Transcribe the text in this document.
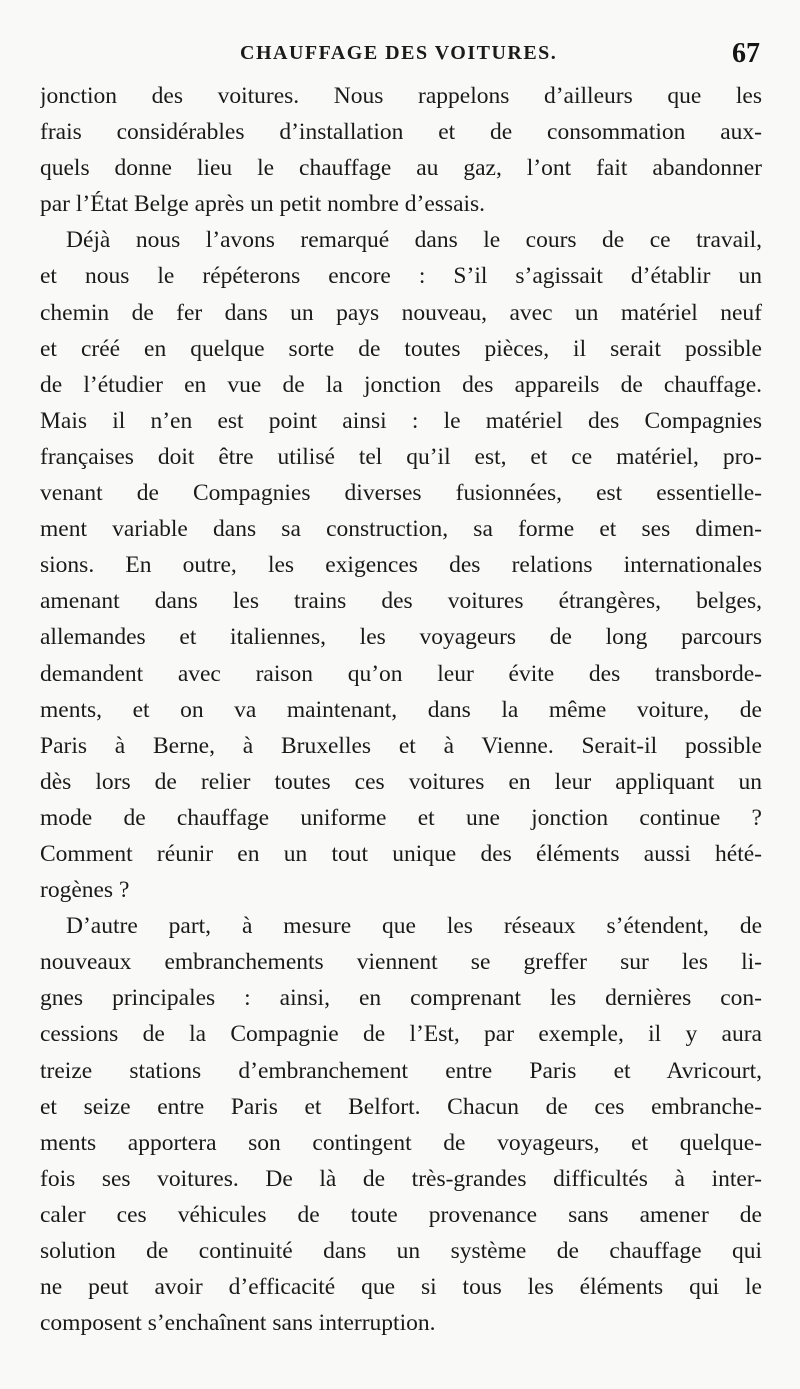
CHAUFFAGE DES VOITURES.	67
jonction des voitures. Nous rappelons d’ailleurs que les
frais considérables d’installation et de consommation aux-
quels donne lieu le chauffage au gaz, l’ont fait abandonner
par l’État Belge après un petit nombre d’essais.
Déjà nous l’avons remarqué dans le cours de ce travail,
et nous le répéterons encore : S’il s’agissait d’établir un
chemin de fer dans un pays nouveau, avec un matériel neuf
et créé en quelque sorte de toutes pièces, il serait possible
de l’étudier en vue de la jonction des appareils de chauffage.
Mais il n’en est point ainsi : le matériel des Compagnies
françaises doit être utilisé tel qu’il est, et ce matériel, pro-
venant de Compagnies diverses fusionnées, est essentielle-
ment variable dans sa construction, sa forme et ses dimen-
sions. En outre, les exigences des relations internationales
amenant dans les trains des voitures étrangères, belges,
allemandes et italiennes, les voyageurs de long parcours
demandent avec raison qu’on leur évite des transborde-
ments, et on va maintenant, dans la même voiture, de
Paris à Berne, à Bruxelles et à Vienne. Serait-il possible
dès lors de relier toutes ces voitures en leur appliquant un
mode de chauffage uniforme et une jonction continue ?
Comment réunir en un tout unique des éléments aussi hété-
rogènes ?
D’autre part, à mesure que les réseaux s’étendent, de
nouveaux embranchements viennent se greffer sur les li-
gnes principales : ainsi, en comprenant les dernières con-
cessions de la Compagnie de l’Est, par exemple, il y aura
treize stations d’embranchement entre Paris et Avricourt,
et seize entre Paris et Belfort. Chacun de ces embranche-
ments apportera son contingent de voyageurs, et quelque-
fois ses voitures. De là de très-grandes difficultés à inter-
caler ces véhicules de toute provenance sans amener de
solution de continuité dans un système de chauffage qui
ne peut avoir d’efficacité que si tous les éléments qui le
composent s’enchaînent sans interruption.
